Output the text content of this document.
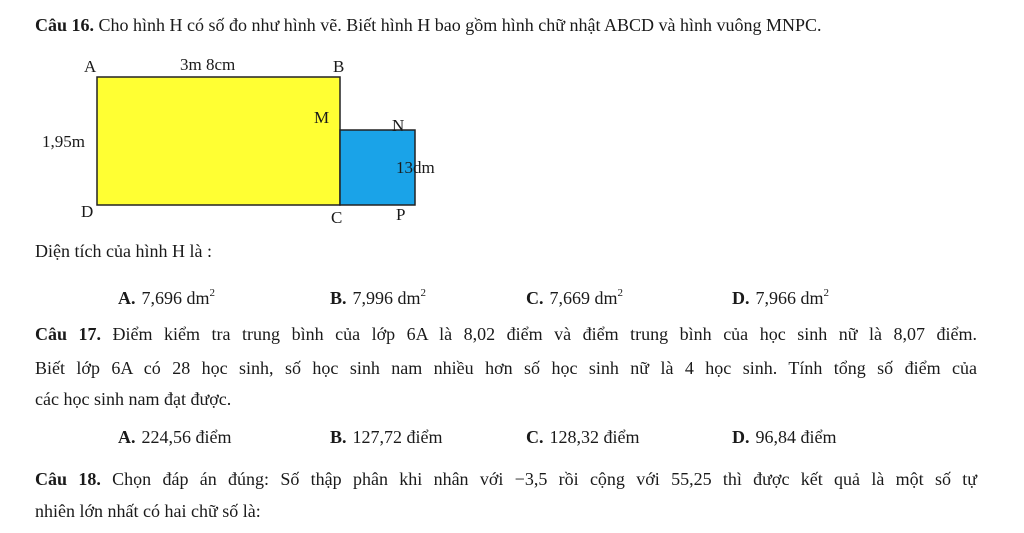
Câu 16. Cho hình H có số đo như hình vẽ. Biết hình H bao gồm hình chữ nhật ABCD và hình vuông MNPC.
A	B
3m 8cm
1,95m
D	C
M	N
13dm
P
Diện tích của hình H là :
A. 7,696 $dm^2$	B. 7,996 $dm^2$	C. 7,669 $dm^2$	D. 7,966 $dm^2$
Câu 17. Điểm kiểm tra trung bình của lớp 6A là 8,02 điểm và điểm trung bình của học sinh nữ là 8,07 điểm.
Biết lớp 6A có 28 học sinh, số học sinh nam nhiều hơn số học sinh nữ là 4 học sinh. Tính tổng số điểm của
các học sinh nam đạt được.
A. 224,56 điểm	B. 127,72 điểm	C. 128,32 điểm	D. 96,84 điểm
Câu 18. Chọn đáp án đúng: Số thập phân khi nhân với −3,5 rồi cộng với 55,25 thì được kết quả là một số tự
nhiên lớn nhất có hai chữ số là:
